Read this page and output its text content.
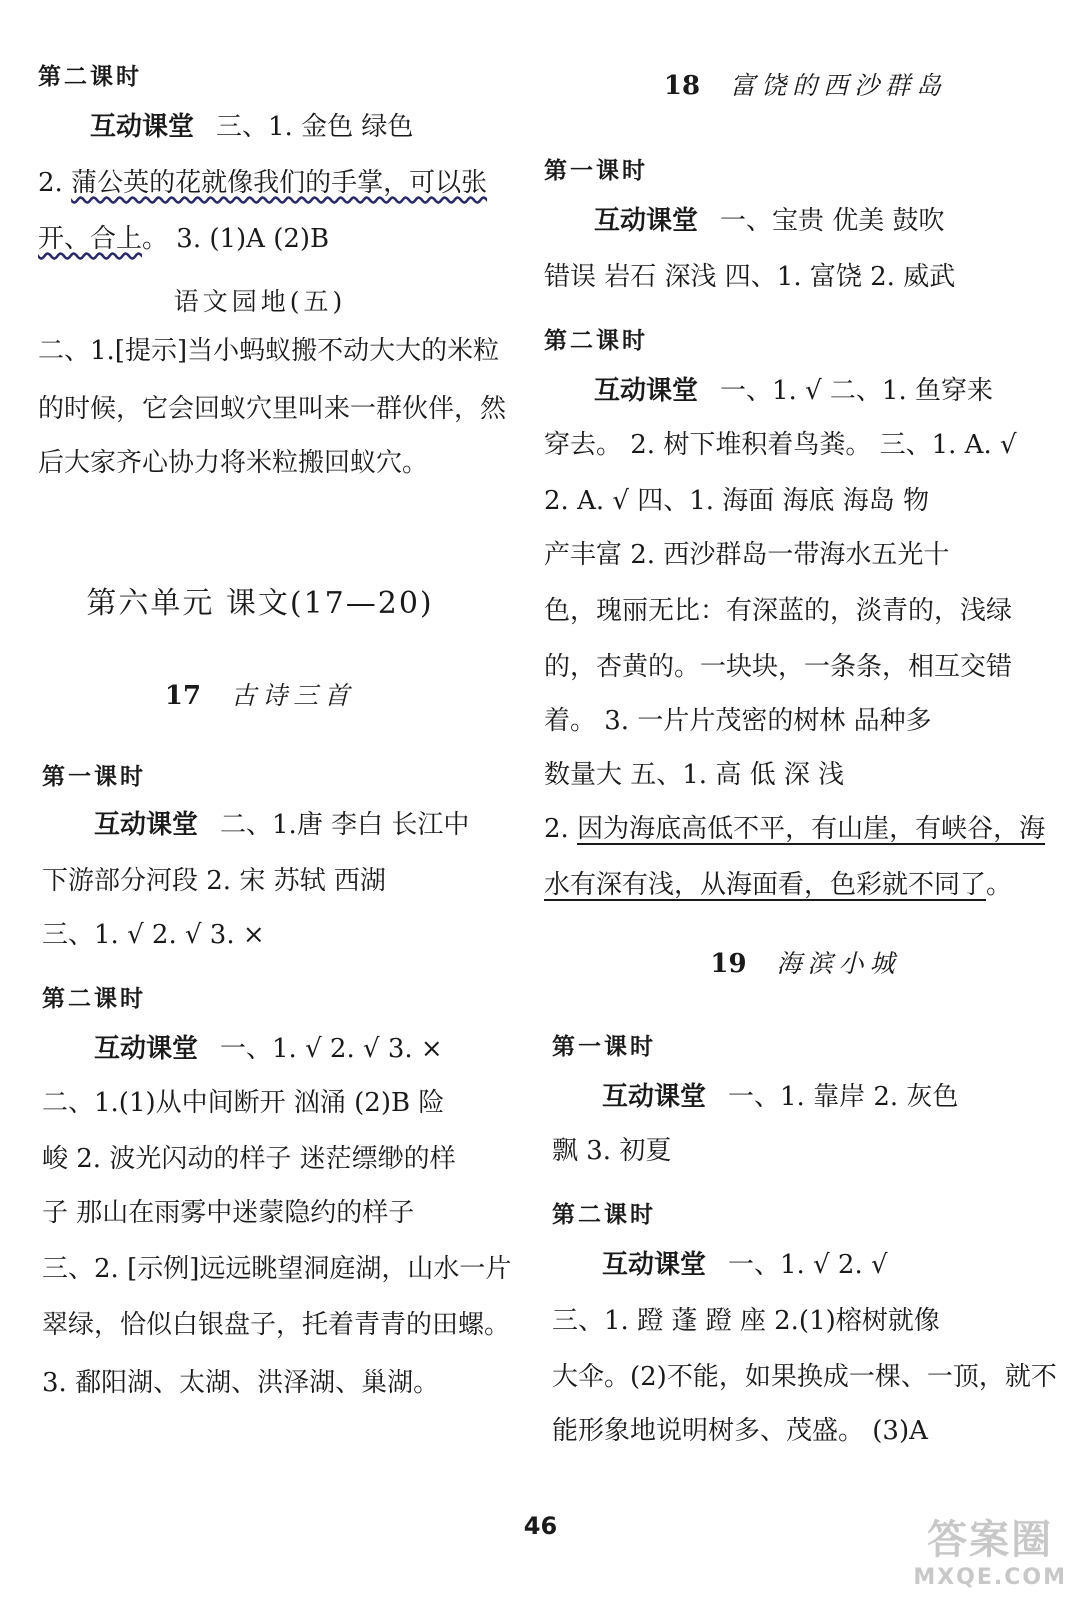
第二课时
互动课堂 三、1. 金色 绿色
2. 蒲公英的花就像我们的手掌，可以张
开、合上。 3. (1)A (2)B
语文园地(五)
二、1.[提示]当小蚂蚁搬不动大大的米粒
的时候，它会回蚁穴里叫来一群伙伴，然
后大家齐心协力将米粒搬回蚁穴。
第六单元 课文(17—20)
17 古诗三首
第一课时
互动课堂 二、1.唐 李白 长江中
下游部分河段 2. 宋 苏轼 西湖
三、1. √ 2. √ 3. ×
第二课时
互动课堂 一、1. √ 2. √ 3. ×
二、1.(1)从中间断开 汹涌 (2)B 险
峻 2. 波光闪动的样子 迷茫缥缈的样
子 那山在雨雾中迷蒙隐约的样子
三、2. [示例]远远眺望洞庭湖，山水一片
翠绿，恰似白银盘子，托着青青的田螺。
3. 鄱阳湖、太湖、洪泽湖、巢湖。
18 富饶的西沙群岛
第一课时
互动课堂 一、宝贵 优美 鼓吹
错误 岩石 深浅 四、1. 富饶 2. 威武
第二课时
互动课堂 一、1. √ 二、1. 鱼穿来
穿去。 2. 树下堆积着鸟粪。 三、1. A. √
2. A. √ 四、1. 海面 海底 海岛 物
产丰富 2. 西沙群岛一带海水五光十
色，瑰丽无比：有深蓝的，淡青的，浅绿
的，杏黄的。一块块，一条条，相互交错
着。 3. 一片片茂密的树林 品种多
数量大 五、1. 高 低 深 浅
2. 因为海底高低不平，有山崖，有峡谷，海
水有深有浅，从海面看，色彩就不同了。
19 海滨小城
第一课时
互动课堂 一、1. 靠岸 2. 灰色
飘 3. 初夏
第二课时
互动课堂 一、1. √ 2. √
三、1. 蹬 蓬 蹬 座 2.(1)榕树就像
大伞。(2)不能，如果换成一棵、一顶，就不
能形象地说明树多、茂盛。 (3)A
46	答案圈
MXQE.COM
